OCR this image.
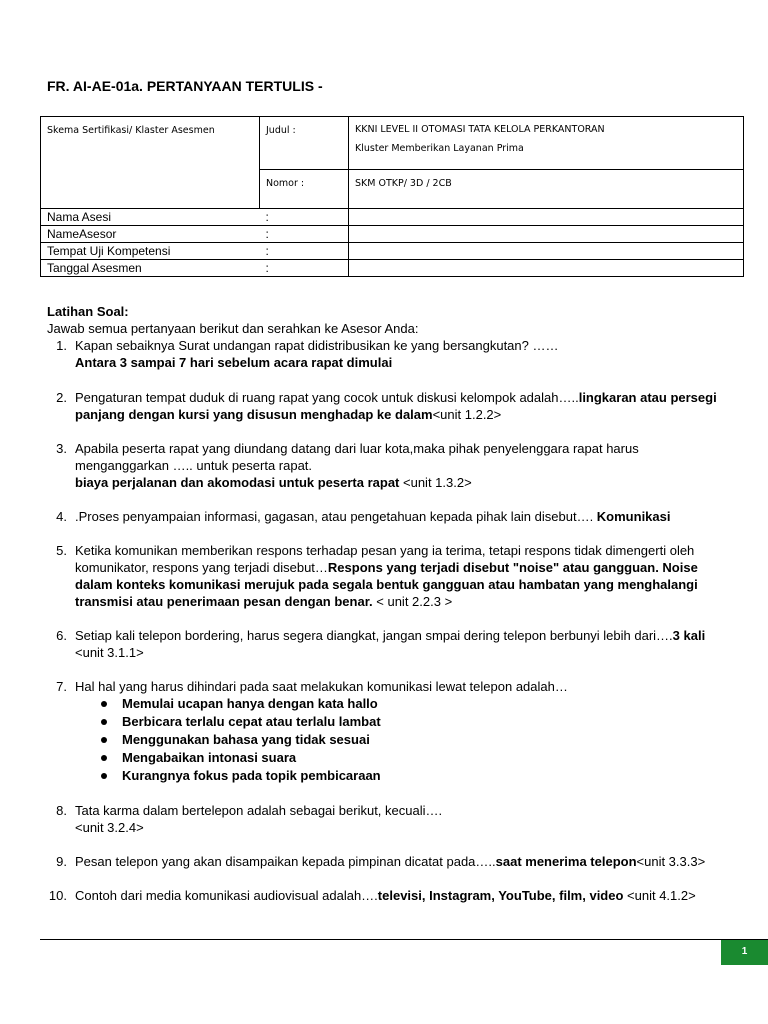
FR. AI-AE-01a. PERTANYAAN TERTULIS -
Skema Sertifikasi/ Klaster Asesmen	Judul :	KKNI LEVEL II OTOMASI TATA KELOLA PERKANTORAN
Kluster Memberikan Layanan Prima

	Nomor :	SKM OTKP/ 3D / 2CB
Nama Asesi	:	
NameAsesor	:	
Tempat Uji Kompetensi	:	
Tanggal Asesmen	:	

Latihan Soal:

Jawab semua pertanyaan berikut dan serahkan ke Asesor Anda:

1. Kapan sebaiknya Surat undangan rapat didistribusikan ke yang bersangkutan? ……
Antara 3 sampai 7 hari sebelum acara rapat dimulai
2. Pengaturan tempat duduk di ruang rapat yang cocok untuk diskusi kelompok adalah…..lingkaran atau persegi panjang dengan kursi yang disusun menghadap ke dalam<unit 1.2.2>
3. Apabila peserta rapat yang diundang datang dari luar kota,maka pihak penyelenggara rapat harus menganggarkan ….. untuk peserta rapat.
biaya perjalanan dan akomodasi untuk peserta rapat <unit 1.3.2>
4. .Proses penyampaian informasi, gagasan, atau pengetahuan kepada pihak lain disebut…. Komunikasi
5. Ketika komunikan memberikan respons terhadap pesan yang ia terima, tetapi respons tidak dimengerti oleh komunikator, respons yang terjadi disebut…Respons yang terjadi disebut "noise" atau gangguan. Noise dalam konteks komunikasi merujuk pada segala bentuk gangguan atau hambatan yang menghalangi transmisi atau penerimaan pesan dengan benar. < unit 2.2.3 >
6. Setiap kali telepon bordering, harus segera diangkat, jangan smpai dering telepon berbunyi lebih dari….3 kali
<unit 3.1.1>
7. Hal hal yang harus dihindari pada saat melakukan komunikasi lewat telepon adalah…
Memulai ucapan hanya dengan kata hallo
Berbicara terlalu cepat atau terlalu lambat
Menggunakan bahasa yang tidak sesuai
Mengabaikan intonasi suara
Kurangnya fokus pada topik pembicaraan
8. Tata karma dalam bertelepon adalah sebagai berikut, kecuali….
<unit 3.2.4>
9. Pesan telepon yang akan disampaikan kepada pimpinan dicatat pada…..saat menerima telepon<unit 3.3.3>
10. Contoh dari media komunikasi audiovisual adalah….televisi, Instagram, YouTube, film, video <unit 4.1.2>
1
